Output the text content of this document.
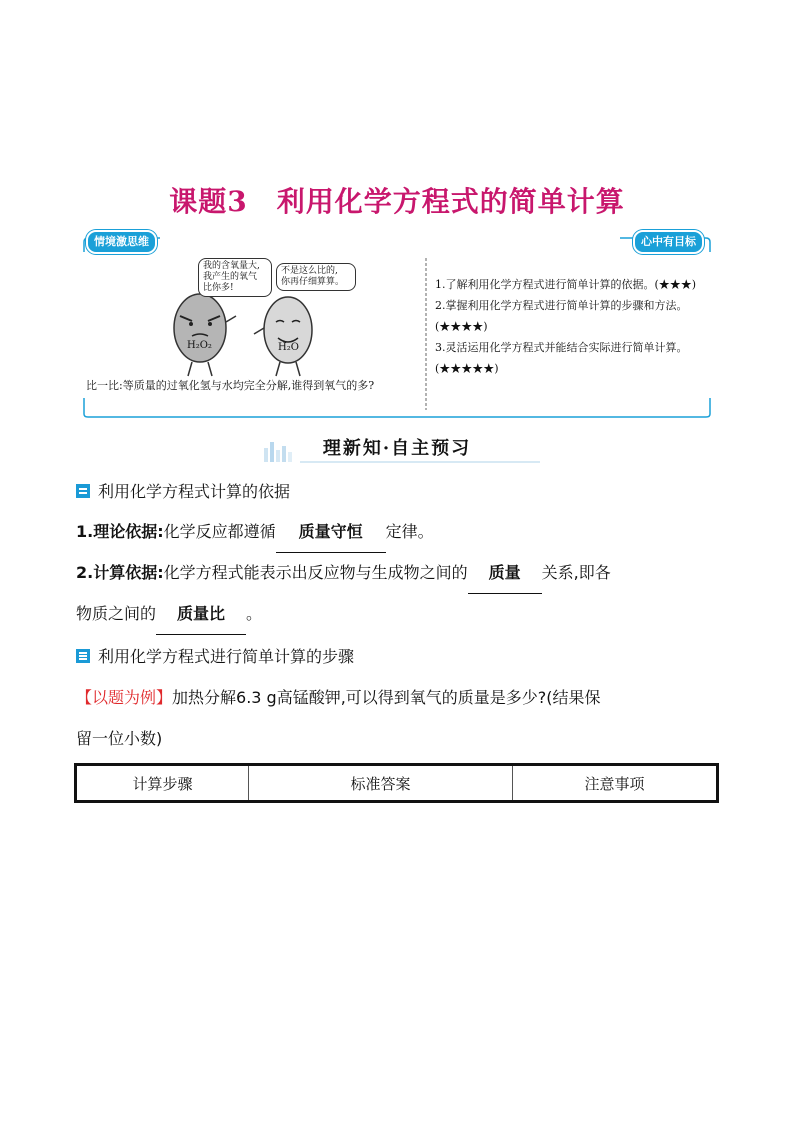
课题3　利用化学方程式的简单计算
H₂O₂	H₂O
情境激思维	心中有目标
我的含氧量大,
我产生的氧气
比你多!
不是这么比的,
你再仔细算算。
比一比:等质量的过氧化氢与水均完全分解,谁得到氧气的多?
1.了解利用化学方程式进行简单计算的依据。(★★★)
2.掌握利用化学方程式进行简单计算的步骤和方法。(★★★★)
3.灵活运用化学方程式并能结合实际进行简单计算。(★★★★★)
理新知·自主预习
利用化学方程式计算的依据
1.理论依据:化学反应都遵循 质量守恒 定律。
2.计算依据:化学方程式能表示出反应物与生成物之间的 质量 关系,即各
物质之间的 质量比 。
利用化学方程式进行简单计算的步骤
【以题为例】加热分解6.3 g高锰酸钾,可以得到氧气的质量是多少?(结果保
留一位小数)
计算步骤	标准答案	注意事项
